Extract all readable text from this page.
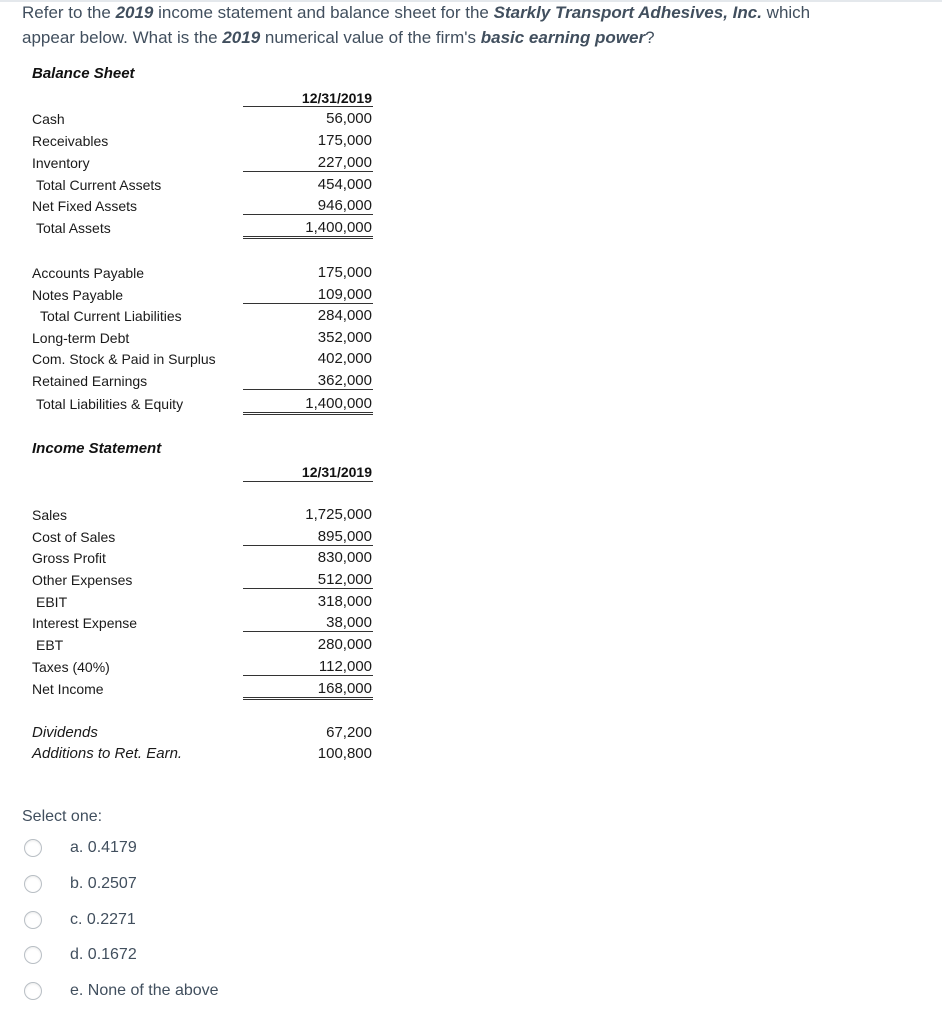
Refer to the 2019 income statement and balance sheet for the Starkly Transport Adhesives, Inc. which
appear below. What is the 2019 numerical value of the firm's basic earning power?
Balance Sheet
12/31/2019
Cash	56,000
Receivables	175,000
Inventory	227,000
Total Current Assets	454,000
Net Fixed Assets	946,000
Total Assets	1,400,000
Accounts Payable	175,000
Notes Payable	109,000
Total Current Liabilities	284,000
Long-term Debt	352,000
Com. Stock & Paid in Surplus	402,000
Retained Earnings	362,000
Total Liabilities & Equity	1,400,000
Income Statement
12/31/2019
Sales	1,725,000
Cost of Sales	895,000
Gross Profit	830,000
Other Expenses	512,000
EBIT	318,000
Interest Expense	38,000
EBT	280,000
Taxes (40%)	112,000
Net Income	168,000
Dividends	67,200
Additions to Ret. Earn.	100,800
Select one:
a. 0.4179
b. 0.2507
c. 0.2271
d. 0.1672
e. None of the above
